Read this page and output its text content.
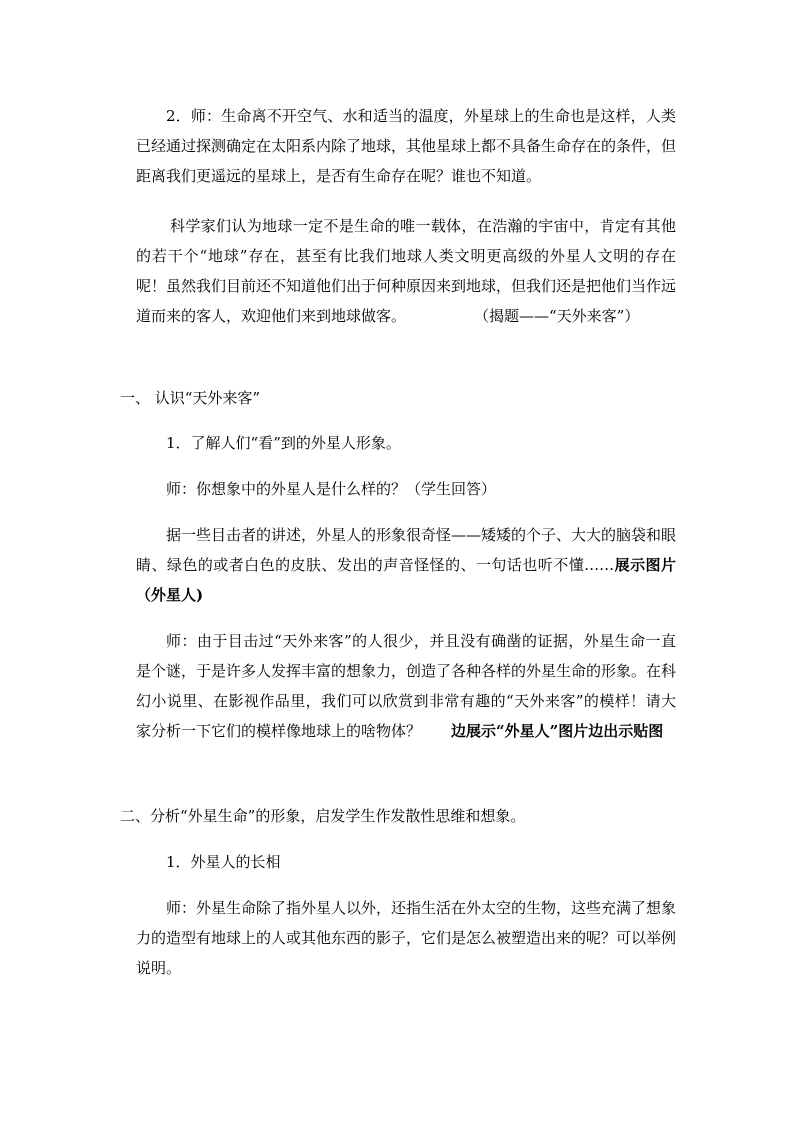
2．师：生命离不开空气、水和适当的温度，外星球上的生命也是这样，人类已经通过探测确定在太阳系内除了地球，其他星球上都不具备生命存在的条件，但距离我们更遥远的星球上，是否有生命存在呢？谁也不知道。

科学家们认为地球一定不是生命的唯一载体，在浩瀚的宇宙中，肯定有其他的若干个“地球”存在，甚至有比我们地球人类文明更高级的外星人文明的存在呢！虽然我们目前还不知道他们出于何种原因来到地球，但我们还是把他们当作远道而来的客人，欢迎他们来到地球做客。	（揭题——“天外来客”）

一、 认识“天外来客”

1．了解人们“看”到的外星人形象。

师：你想象中的外星人是什么样的？（学生回答）

据一些目击者的讲述，外星人的形象很奇怪——矮矮的个子、大大的脑袋和眼睛、绿色的或者白色的皮肤、发出的声音怪怪的、一句话也听不懂……展示图片（外星人)

师：由于目击过“天外来客”的人很少，并且没有确凿的证据，外星生命一直是个谜，于是许多人发挥丰富的想象力，创造了各种各样的外星生命的形象。在科幻小说里、在影视作品里，我们可以欣赏到非常有趣的“天外来客”的模样！请大家分析一下它们的模样像地球上的啥物体？ 边展示“外星人”图片边出示贴图

二、分析“外星生命”的形象，启发学生作发散性思维和想象。

1．外星人的长相

师：外星生命除了指外星人以外，还指生活在外太空的生物，这些充满了想象力的造型有地球上的人或其他东西的影子，它们是怎么被塑造出来的呢？可以举例说明。
